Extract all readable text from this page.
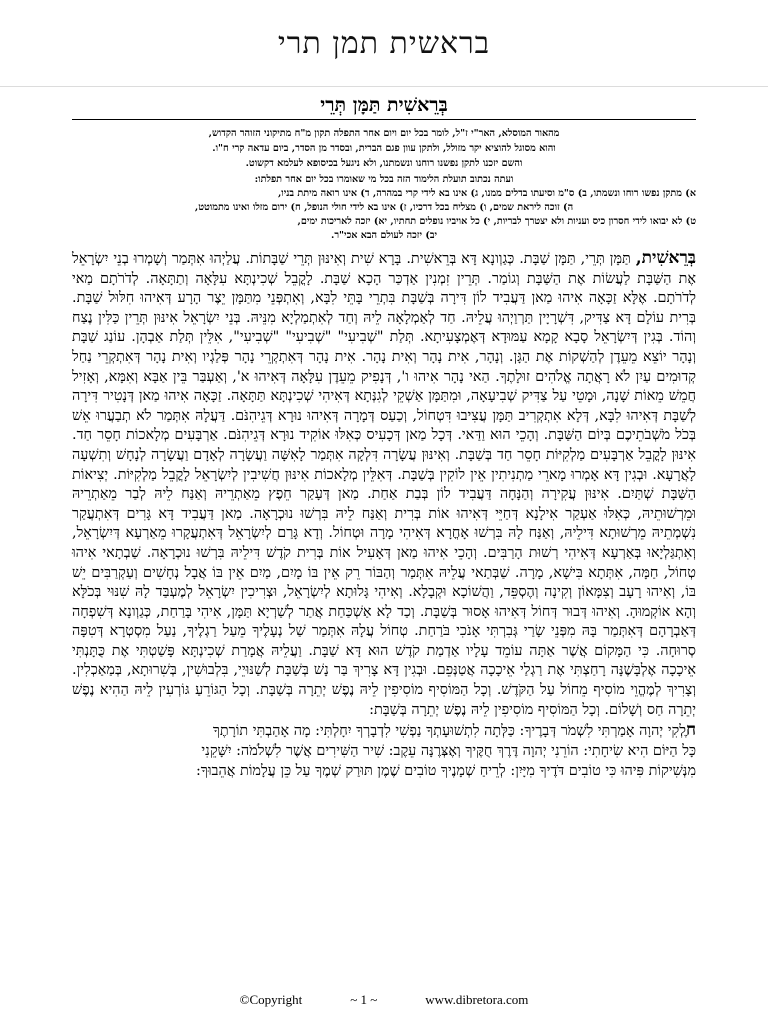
בראשית תמן תרי
בְּרֵאשִׁית תַּמָּן תְּרֵי
מהאור המוסלא, האר"י ז"ל, לומר בכל יום ויום אחר התפלה תקון מ"ח מתיקוני הזוהר הקדוש,
והוא מסוגל להוציא יקר מזולל, ולתקן עוון פגם הברית, ובסדר מן הסדר, ביום עדאה קרי ח"ו.
והשם יזכנו לתקן נפשנו רוחנו ונשמתנו, ולא ניגעל בכיסופא לעלמא דקשוט.
ועתה נכתוב תועלת הלימוד הזה בכל מי שאומרו בכל יום אחר תפלתו:
א) מתקן נפשו רוחו ונשמתו, ב) ס"מ וסיעתו בדלים ממנו, ג) אינו בא לידי קרי במהרה, ד) אינו רואה מיתת בניו,
ה) זוכה ליראת שמים, ו) מצליח בכל דרכיו, ז) אינו בא לידי חולי הנופל, ח) ירום מזלו ואינו מתמוטט,
ט) לא יבואו לידי חסרון כיס ועניות ולא יצטרך לבריות, י) כל אויביו נופלים תחתיו, יא) יזכה לאריכות ימים,
יב) יזכה לעולם הבא אכי"ר.
בְּרֵאשִׁית, תַּמָּן תְּרֵי, תַּמָּן שַׁבָּת. כְּגַוְונָא דָּא בְּרֵאשִׁית. בָּרָא שִׁית וְאִינּוּן תְּרֵי שַׁבָּתוֹת. עֲלַיְהוּ אִתְּמַר וְשָׁמְרוּ בְנֵי יִשְׂרָאֵל אֶת הַשַּׁבָּת לַעֲשׂוֹת אֶת הַשַּׁבָּת וְגוֹמַר. תְּרֵין זִמְנִין אַדְכַּר הָכָא שַׁבָּת. לָקֳבֵל שְׁכִינְתָּא עִלָּאָה וְתַתָּאָה. לְדֹרֹתָם מַאי לְדֹרֹתָם. אֶלָּא זַכָּאָה אִיהוּ מַאן דַּעֲבִיד לוֹן דִּירָה בְּשַׁבָּת בִּתְרֵי בָּתֵּי לִבָּא, וְאִתְפְּנֵי מִתַּמָּן יֵצֶר הָרָע דְּאִיהוּ חִלּוּל שַׁבָּת. בְּרִית עוֹלָם דָּא צַדִּיק, דִּשְׁרָיָין תַּרְוַיְהוּ עֲלֵיהּ. חַד לְאַמְלָאָה לֵיהּ וְחַד לְאִתְמַלְיָא מִנֵּיהּ. בְּנֵי יִשְׂרָאֵל אִינּוּן תְּרֵין כַּלִּין נֶצַח וְהוֹד. בְּגִין דְּיִשְׂרָאֵל סָבָא קָמָא עַמּוּדָא דְּאֶמְצָעִיתָא. תְּלַת "שְׁבִיעִי" "שְׁבִיעִי" "שְׁבִיעִי", אִלֵּין תְּלַת אַבְהָן. עוֹנַג שַׁבָּת וְנָהָר יוֹצֵא מֵעֵדֶן לְהַשְׁקוֹת אֶת הַגָּן. וְנָהָר, אִית נָהָר וְאִית נָהָר. אִית נָהָר דְּאִתְקְרֵי נָהָר פְּלַגְיו וְאִית נָהָר דְּאִתְקְרֵי נַחַל קְדוּמִים עַיִן לֹא רָאֲתָה אֱלֹהִים זוּלָתֶךָ. הַאי נָהָר אִיהוּ ו', דְּנָפִיק מֵעֵדֶן עִלָּאָה דְּאִיהוּ א', וְאַעְבַּר בֵּין אַבָּא וְאִמָּא, וְאָזִיל חֲמֵשׁ מֵאוֹת שָׁנָה, וּמָטֵי עַל צַדִּיק שְׁבִיעָאָה, וּמִתַּמָּן אַשְׁקֵי לְגִנְּתָא דְּאִיהִי שְׁכִינְתָּא תַּתָּאָה. זַכָּאָה אִיהוּ מַאן דְּנָטִיר דִּירָה לְשַׁבָּת דְּאִיהוּ לִבָּא, דְּלָא אִתְקְרִיב תַּמָּן עֲצִיבוּ דִּטְחוֹל, וְכַעַס דְּמָרָה דְּאִיהוּ נוּרָא דְּגֵיהִנֹּם. דַּעֲלָהּ אִתְּמַר לֹא תְבַעֲרוּ אֵשׁ בְּכֹל מֹשְׁבֹתֵיכֶם בְּיוֹם הַשַּׁבָּת. וְהָכֵי הוּא וַדַּאי. דְּכָל מַאן דְּכָעִיס כְּאִלּוּ אוֹקִיד נוּרָא דְּגֵיהִנֹּם. אַרְבָּעִים מְלָאכוֹת חָסֵר חַד. אִינּוּן לָקֳבֵל אַרְבָּעִים מַלְקִיּוֹת חָסֵר חַד בְּשַׁבָּת. וְאִינּוּן עֲשָׂרָה דִּלְקָה אִתְּמַר לָאִשָּׁה וַעֲשָׂרָה לְאָדָם וַעֲשָׂרָה לְנָחָשׁ וְתִשְׁעָה לָאֲרָעָא. וּבְגִין דָּא אָמְרוּ מָארֵי מַתְנִיתִין אֵין לוֹקִין בְּשַׁבָּת. דְּאִלֵּין מְלָאכוֹת אִינּוּן חֲשִׁיבִין לְיִשְׂרָאֵל לָקֳבֵל מַלְקִיּוֹת. יְצִיאוֹת הַשַּׁבָּת שְׁתַּיִם. אִינּוּן עֲקִירָה וְהַנָּחָה דַּעֲבִיד לוֹן בְּבַת אַחַת. מַאן דְּעָקַר חֵפֶץ מֵאַתְרֵיהּ וְאַנַּח לֵיהּ לְבַר מֵאַתְרֵיהּ וּמֵרְשׁוּתֵיהּ, כְּאִלּוּ אַעְקַר אִילָנָא דְּחַיֵּי דְּאִיהוּ אוֹת בְּרִית וְאַנַּח לֵיהּ בִּרְשׁוּ נוּכְרָאָה. מַאן דַּעֲבִיד דָּא גָּרִים דְּאִתְעֲקַר נִשְׁמְתֵיהּ מֵרְשׁוּתָא דִּילֵיהּ, וְאַנַּח לָהּ בִּרְשׁוּ אָחֳרָא דְּאִיהִי מָרָה וּטְחוֹל. וְדָא גָּרַם לְיִשְׂרָאֵל דְּאִתְעֲקָרוּ מֵאַרְעָא דְּיִשְׂרָאֵל, וְאִתְגַּלְיָאוּ בְּאַרְעָא דְּאִיהִי רְשׁוּת הָרַבִּים. וְהָכֵי אִיהוּ מַאן דְּאָעִיל אוֹת בְּרִית קֹדֶשׁ דִּילֵיהּ בִּרְשׁוּ נוּכְרָאָה. שַׁבְתָאי אִיהוּ טְחוֹל, חַמָּה, אִתְּתָא בִּישָׁא, מָרָה. שַׁבְּתַאי עֲלֵיהּ אִתְּמַר וְהַבּוֹר רֵק אֵין בּוֹ מָיִם, מַיִם אֵין בּוֹ אֲבָל נְחָשִׁים וְעַקְרַבִּים יֵשׁ בּוֹ, וְאִיהוּ רָעָב וְצִמָּאוֹן וְקִינָה וְהֶסְפֵּד, וַהֲשׁוֹכָא וּקְבָלָא. וְאִיהִי גָּלוּתָא לְיִשְׂרָאֵל, וּצְרִיכִין יִשְׂרָאֵל לְמֶעְבַּד לָהּ שִׁנּוּי בְּכֹלָּא וְהָא אוֹקְמוּהָ. וְאִיהוּ דְּבוּר דְּחוֹל דְּאִיהוּ אָסוּר בְּשַׁבָּת. וְכַד לָא אַשְׁכַּחַת אֲתַר לְשַׁרְיָא תַּמָּן, אִיהִי בָּרַחַת, כְּגַוְונָא דְּשִׁפְחָה דְּאַבְרָהָם דְּאִתְּמַר בָּהּ מִפְּנֵי שָׂרַי גְּבִרְתִּי אָנֹכִי בֹּרַחַת. טְחוֹל עֲלָהּ אִתְּמַר שַׁל נְעָלֶיךָ מֵעַל רַגְלֶיךָ, נַעַל מִסְטְרָא דְּטִפָּה סְרוּחָה. כִּי הַמָּקוֹם אֲשֶׁר אַתָּה עוֹמֵד עָלָיו אַדְמַת קֹדֶשׁ הוּא דָּא שַׁבָּת. וַעֲלֵיהּ אֲמָרַת שְׁכִינְתָּא פָּשַׁטְתִּי אֶת כֻּתָּנְתִּי אֵיכָכָה אֶלְבָּשֶׁנָּה רָחַצְתִּי אֶת רַגְלַי אֵיכָכָה אֲטַנְּפֵם. וּבְגִין דָּא צָרִיךְ בַּר נָשׁ בְּשַׁבָּת לְשַׁנּוּיֵי, בִּלְבוּשִׁין, בְּשִׁרוּתָא, בְּמַאַכְלִין. וְצָרִיךְ לְמֶהֱוֵי מוֹסִיף מֵחוֹל עַל הַקֹּדֶשׁ. וְכָל הַמּוֹסִיף מוֹסִיפִין לֵיהּ נֶפֶשׁ יְתֵרָה בְּשַׁבָּת. וְכָל הַגּוֹרֵעַ גּוֹרְעִין לֵיהּ הַהִיא נֶפֶשׁ יְתֵרָה חַס וְשָׁלוֹם. וְכָל הַמּוֹסִיף מוֹסִיפִין לֵיהּ נֶפֶשׁ יְתֵרָה בְּשַׁבָּת:
חֶלְקִי יְהוָה אָמַרְתִּי לִשְׁמֹר דְּבָרֶיךָ: כַּלְּתָה לִתְשׁוּעָתְךָ נַפְשִׁי לִדְבָרְךָ יִחָלְתִּי: מָה אָהַבְתִּי תוֹרָתֶךָ
כָּל הַיּוֹם הִיא שִׂיחָתִי: הוֹרֵנִי יְהוָה דֶּרֶךְ חֻקֶּיךָ וְאֶצְּרֶנָּה עֵקֶב: שִׁיר הַשִּׁירִים אֲשֶׁר לִשְׁלֹמֹה: יִשָּׁקֵנִי
מִנְּשִׁיקוֹת פִּיהוּ כִּי טוֹבִים דֹּדֶיךָ מִיָּיִן: לְרֵיחַ שְׁמָנֶיךָ טוֹבִים שֶׁמֶן תּוּרַק שְׁמֶךָ עַל כֵּן עֲלָמוֹת אֲהֵבוּךָ:
©Copyright	~ 1 ~	www.dibretora.com
